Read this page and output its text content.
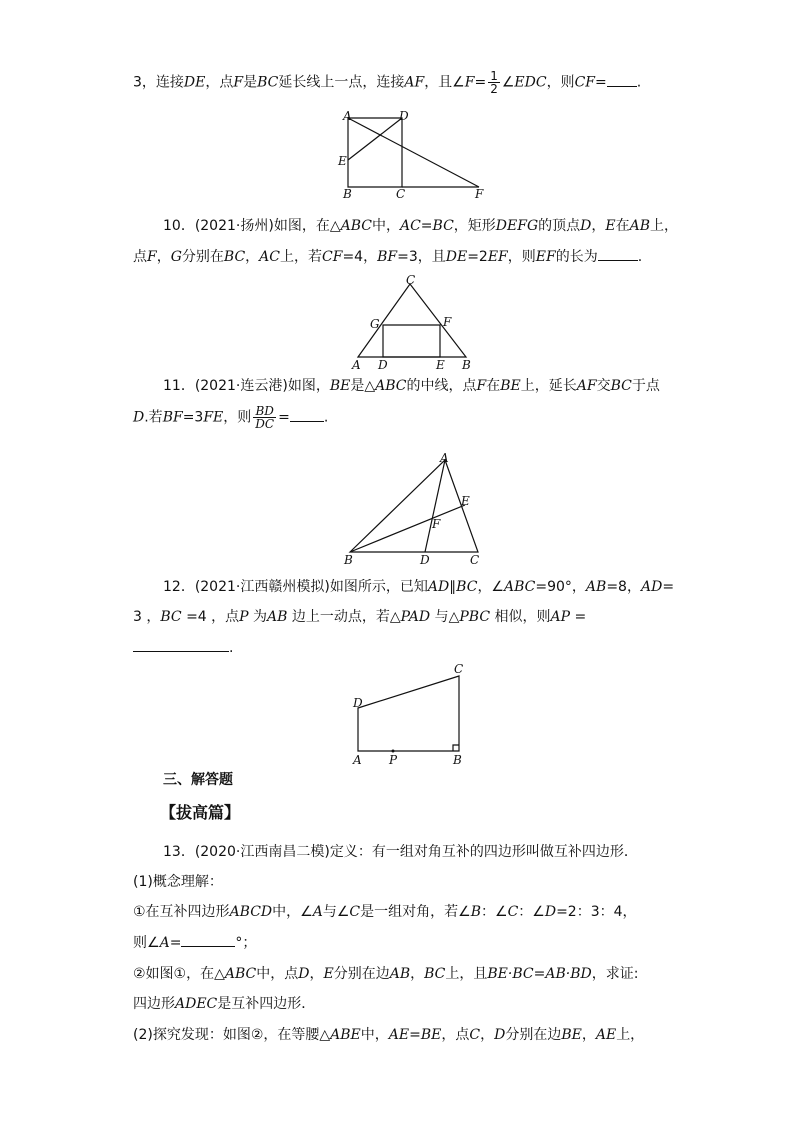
3，连接DE，点F是BC延长线上一点，连接AF，且∠F= $\frac{1}{2}$ ∠EDC，则CF= .
A	D
E
B	C	F
10．(2021·扬州)如图，在△ABC中，AC=BC，矩形DEFG的顶点D，E在AB上，
点F，G分别在BC，AC上，若CF=4，BF=3，且DE=2EF，则EF的长为	.
C
G	F
A D	E B
11．(2021·连云港)如图，BE是△ABC的中线，点F在BE上，延长AF交BC于点
D.若BF=3FE，则 $\frac{BD}{DC}$ = .
A
E
F
B	D	C
12．(2021·江西赣州模拟)如图所示，已知AD∥BC，∠ABC=90°，AB=8，AD=
3 ，BC =4 ，点P 为AB 边上一动点，若△PAD 与△PBC 相似，则AP =
.
C
D
A P	B
三、解答题
【拔高篇】
13．(2020·江西南昌二模)定义：有一组对角互补的四边形叫做互补四边形．
(1)概念理解：
①在互补四边形ABCD中，∠A与∠C是一组对角，若∠B：∠C：∠D=2：3：4，
则∠A=	°；
②如图①，在△ABC中，点D，E分别在边AB，BC上，且BE·BC=AB·BD，求证:
四边形ADEC是互补四边形．
(2)探究发现：如图②，在等腰△ABE中，AE=BE，点C，D分别在边BE，AE上，
